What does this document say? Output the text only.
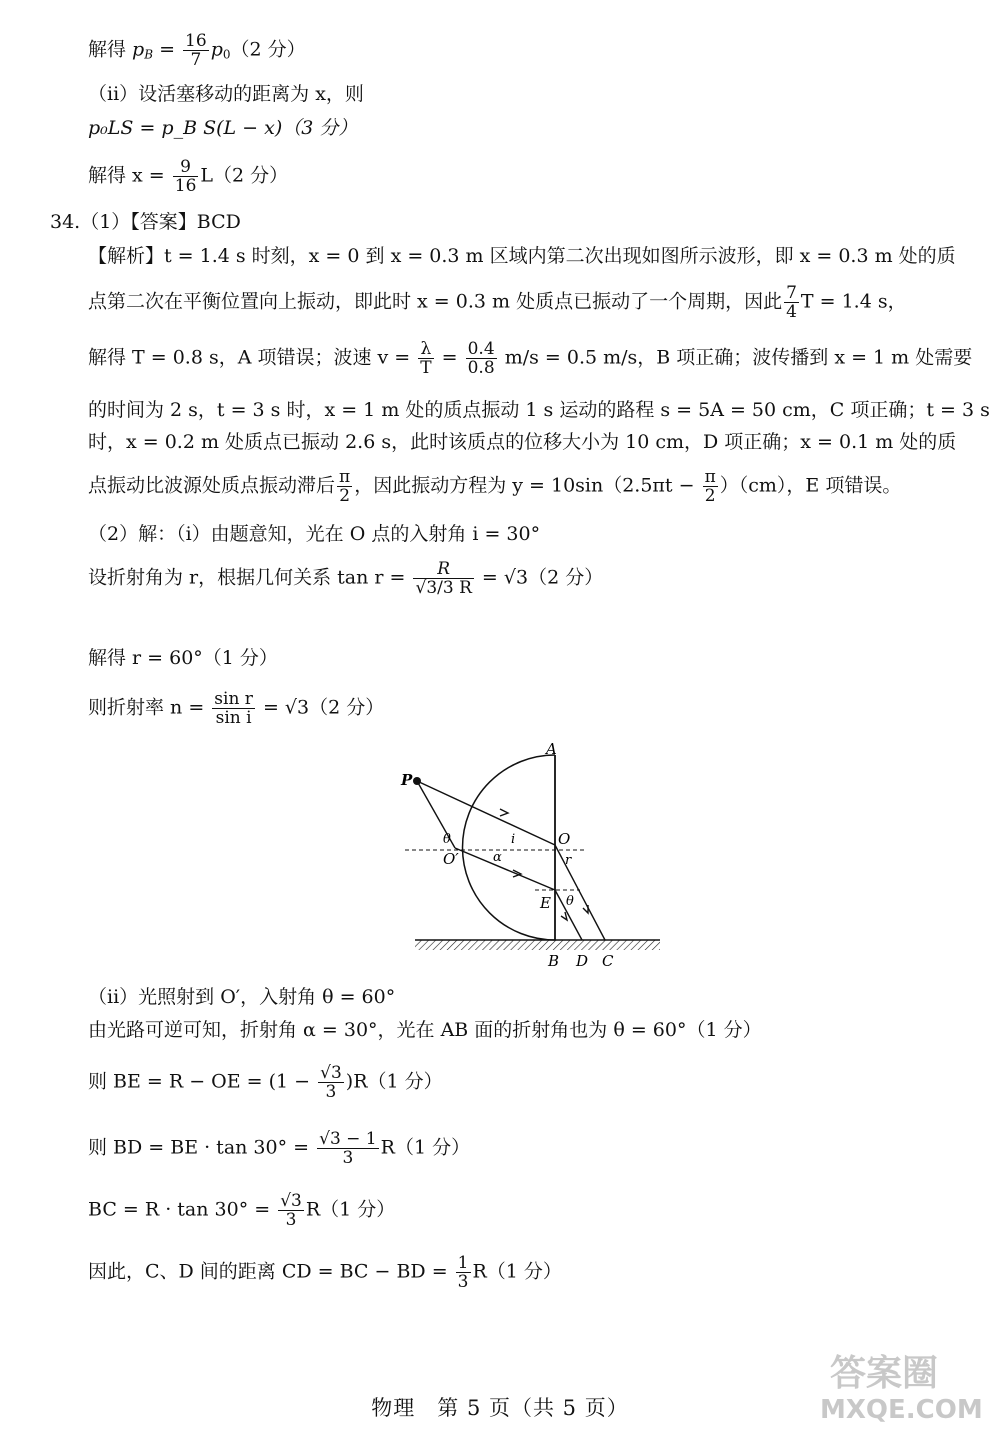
解得 $p_B = \frac{16}{7} p_0(2$ 分）
（ii）设活塞移动的距离为 x，则
p₀LS = p_B S(L − x)（3 分）
解得 $x = \frac{9}{16} L(2$ 分）
34.（1）【答案】BCD
【解析】t = 1.4 s 时刻，x = 0 到 x = 0.3 m 区域内第二次出现如图所示波形，即 x = 0.3 m 处的质
点第二次在平衡位置向上振动，即此时 x = 0.3 m 处质点已振动了一个周期，因此 $\frac{7}{4}$ T = 1.4 s，
解得 T = 0.8 s，A 项错误；波速 $v = \frac{\lambda}{T} = \frac{0.4}{0.8} m/s = 0.5$ m/s，B 项正确；波传播到 x = 1 m 处需要
的时间为 2 s，t = 3 s 时，x = 1 m 处的质点振动 1 s 运动的路程 s = 5A = 50 cm，C 项正确；t = 3 s
时，x = 0.2 m 处质点已振动 2.6 s，此时该质点的位移大小为 10 cm，D 项正确；x = 0.1 m 处的质
点振动比波源处质点振动滞后 $\frac{\pi}{2}$ ，因此振动方程为 $y = 10\sin(2.5\pi t - \frac{\pi}{2} )(cm)$，E 项错误。
（2）解：（i）由题意知，光在 O 点的入射角 i = 30°
设折射角为 r，根据几何关系 $\tan r = \frac{R}{√3/3 R} = √3(2$ 分）
解得 r = 60°（1 分）
则折射率 $n = \frac{\text{sin r}}{\text{sin i}} = √3(2$ 分）
A
P
O
θ	i
O′	α	r
E θ
B D C
（ii）光照射到 O′，入射角 θ = 60°
由光路可逆可知，折射角 α = 30°，光在 AB 面的折射角也为 θ = 60°（1 分）
则 BE = R − OE = $(1 - \frac{√3}{3} )R(1$ 分）
则 BD = BE · $\tan 30^\circ = \frac{√3 - 1}{3} R(1$ 分）
BC = $R \cdot \tan 30^\circ = \frac{√3}{3} R(1$ 分）
因此，C、D 间的距离 CD = BC − BD = $\frac{1}{3} R(1$ 分）
答案圈
MXQE.COM
物理　第 5 页（共 5 页）
